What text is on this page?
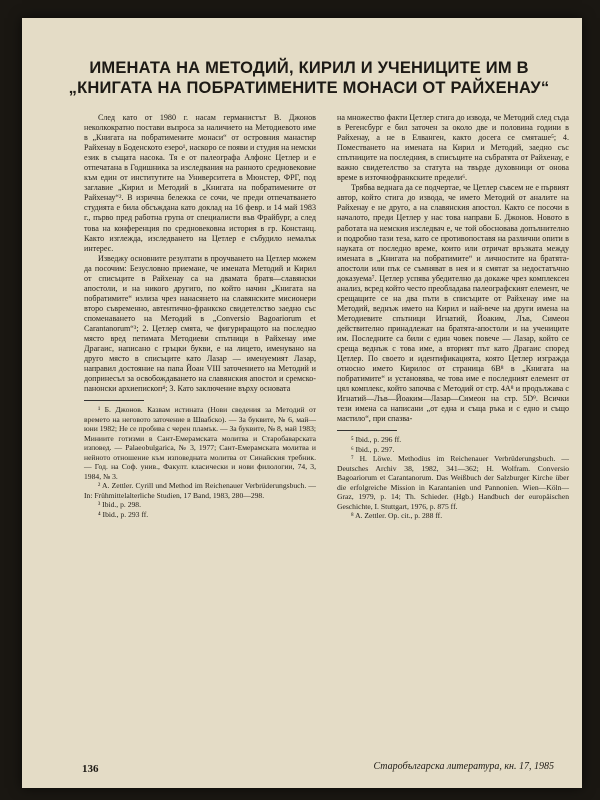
ИМЕНАТА НА МЕТОДИЙ, КИРИЛ И УЧЕНИЦИТЕ ИМ В „КНИГАТА НА ПОБРАТИМЕНИТЕ МОНАСИ ОТ РАЙХЕНАУ“

След като от 1980 г. насам германистът В. Джонов неколкократно постави въпроса за наличието на Методиевото име в „Книгата на побратимените монаси“ от островния манастир Райхенау в Боденското езеро¹, наскоро се появи и студия на немски език в същата насока. Тя е от палеографа Алфонс Цетлер и е отпечатана в Годишника за изследвания на ранното средновековие към един от институтите на Университета в Мюнстер, ФРГ, под заглавие „Кирил и Методий в „Книгата на побратимените от Райхенау“². В изрична бележка се сочи, че преди отпечатването студията е била обсъждана като доклад на 16 февр. и 14 май 1983 г., първо пред работна група от специалисти във Фрайбург, а след това на конференция по средновековна история в гр. Констанц. Както изглежда, изследването на Цетлер е събудило немалък интерес.

Изведжу основните резултати в проучването на Цетлер можем да посочим: Безусловно приемане, че имената Методий и Кирил от списъците в Райхенау са на двамата братя—славянски апостоли, и на никого другиго, по който начин „Книгата на побратимите“ излиза чрез нанасянето на славянските мисионери второ съвременно, автентично-франкско свидетелство заедно със споменаването на Методий в „Conversio Bagoariorum et Carantanorum“³; 2. Цетлер смята, че фигуриращото на последно място вред петимата Методиеви спътници в Райхенау име Драгаис, написано с гръцки букви, е на лицето, именувано на друго място в списъците като Лазар — именуемият Лазар, направил достояние на папа Йоан VIII заточението на Методий и допринесъл за освобождаването на славянския апостол и сремско-панонски архиепископ⁴; 3. Като заключение върху основата

¹ Б. Джонов. Казвам истината (Нови сведения за Методий от времето на неговото заточение в Швабско). — За буквите, № 6, май—юни 1982; Не се пробива с черен пламък. — За буквите, № 8, май 1983; Миниите готизми в Сант-Емерамската молитва и Старобаварската изповед. — Palaeobulgarica, № 3, 1977; Сант-Емерамската молитва и нейното отношение към изповедната молитва от Синайския требник. — Год. на Соф. унив., Факулт. класически и нови филологии, 74, 3, 1984, № 3.

² A. Zettler. Cyrill und Method im Reichenauer Verbrüderungsbuch. — In: Frühmittelalterliche Studien, 17 Band, 1983, 280—298.

³ Ibid., p. 298.

⁴ Ibid., p. 293 ff.

на множество факти Цетлер стига до извода, че Методий след съда в Регенсбург е бил заточен за около две и половина години в Райхенау, а не в Елванген, както досега се смяташе⁵; 4. Поместването на имената на Кирил и Методий, заедно със спътниците на последния, в списъците на събратята от Райхенау, е важно свидетелство за статута на твърде духовници от онова време в източнофранкските предели⁶.

Трябва веднага да се подчертае, че Цетлер съвсем не е първият автор, който стига до извода, че името Методий от аналите на Райхенау е не друго, а на славянския апостол. Както се посочи в началото, преди Цетлер у нас това направи Б. Джонов. Новото в работата на немския изследвач е, че той обосновава допълнително и подробно тази теза, като се противопоставя на различни опити в науката от последно време, които или отричат връзката между имената в „Книгата на побратимите“ и личностите на братята-апостоли или пък се съмняват в нея и я смятат за недостатъчно доказуема⁷. Цетлер успява убедително да докаже чрез комплексен анализ, всред който често преобладава палеографският елемент, че срещащите се на два пъти в списъците от Райхенау име на Методий, веднъж името на Кирил и най-вече на други имена на Методиевите спътници Игнатий, Йоаким, Лъв, Симеон действително принадлежат на братята-апостоли и на учениците им. Последните са били с един човек повече — Лазар, който се среща веднъж с това име, а вторият път като Драгаис според Цетлер. По своето и идентификацията, която Цетлер изгражда относно името Кирилос от страница 6В⁸ в „Книгата на побратимите“ и установява, че това име е последният елемент от цял комплекс, който започва с Методий от стр. 4А⁸ и продължава с Игнатий—Лъв—Йоаким—Лазар—Симеон на стр. 5D⁹. Всички тези имена са написани „от една и съща ръка и с едно и също мастило“, при спазва-

⁵ Ibid., p. 296 ff.

⁶ Ibid., p. 297.

⁷ H. Löwe. Methodius im Reichenauer Verbrüderungsbuch. — Deutsches Archiv 38, 1982, 341—362; H. Wolfram. Conversio Bagoariorum et Carantanorum. Das Weißbuch der Salzburger Kirche über die erfolgreiche Mission in Karantanien und Pannonien. Wien—Köln—Graz, 1979, p. 14; Th. Schieder. (Hgb.) Handbuch der europäischen Geschichte, I. Stuttgart, 1976, p. 875 ff.

⁸ A. Zettler. Op. cit., p. 288 ff.

136	Старобългарска литература, кн. 17, 1985
